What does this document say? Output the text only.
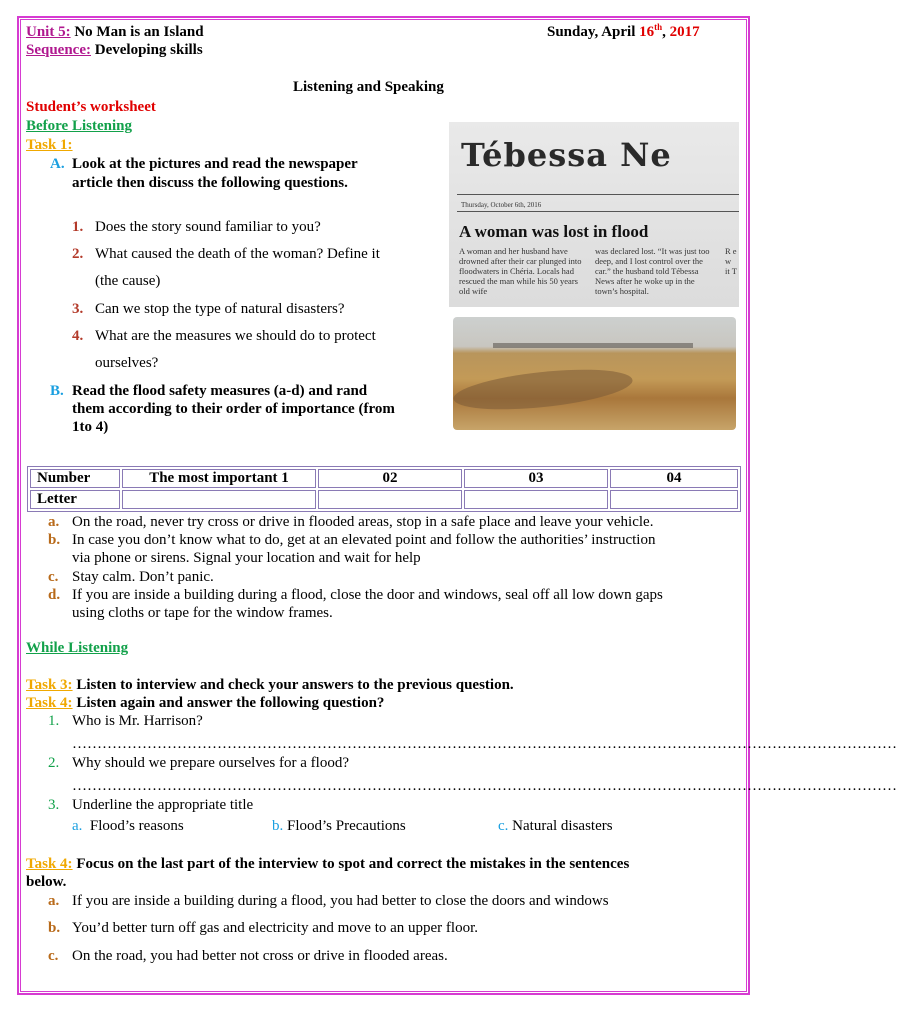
Unit 5: No Man is an Island
Sequence: Developing skills
Sunday, April 16th, 2017
Listening and Speaking
Student’s worksheet
Before Listening
Task 1:
A. Look at the pictures and read the newspaper
article then discuss the following questions.
1. Does the story sound familiar to you?
2. What caused the death of the woman? Define it
(the cause)
3. Can we stop the type of natural disasters?
4. What are the measures we should do to protect
ourselves?
B. Read the flood safety measures (a-d) and rand
them according to their order of importance (from
1to 4)
Tébessa Ne
Thursday, October 6th, 2016
A woman was lost in flood
A woman and her husband have drowned after their car plunged into floodwaters in Chéria. Locals had rescued the man while his 50 years old wife
was declared lost. “It was just too deep, and I lost control over the car.” the husband told Tébessa News after he woke up in the town’s hospital.
R e w it T
Number	The most important 1	02	03	04
Letter				
a. On the road, never try cross or drive in flooded areas, stop in a safe place and leave your vehicle.
b. In case you don’t know what to do, get at an elevated point and follow the authorities’ instruction
via phone or sirens. Signal your location and wait for help
c. Stay calm. Don’t panic.
d. If you are inside a building during a flood, close the door and windows, seal off all low down gaps
using cloths or tape for the window frames.
While Listening
Task 3: Listen to interview and check your answers to the previous question.
Task 4: Listen again and answer the following question?
1. Who is Mr. Harrison?
…………………………………………………………………………………………………………………………………………………
2. Why should we prepare ourselves for a flood?
…………………………………………………………………………………………………………………………………………………
3. Underline the appropriate title
a. Flood’s reasons	b. Flood’s Precautions	c. Natural disasters
Task 4: Focus on the last part of the interview to spot and correct the mistakes in the sentences
below.
a. If you are inside a building during a flood, you had better to close the doors and windows
b. You’d better turn off gas and electricity and move to an upper floor.
c. On the road, you had better not cross or drive in flooded areas.
